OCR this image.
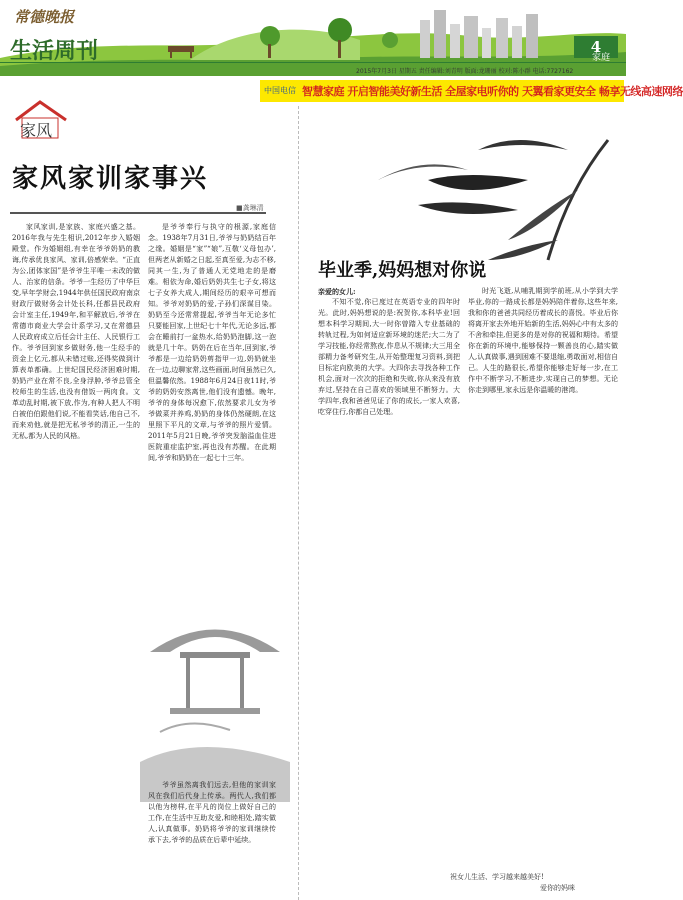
常德晚报
生活周刊	4
家庭
2015年7月3日 星期五 责任编辑:刘青明 版面:龙珊丽 校对:陈小群 电话:7727162
中国电信 智慧家庭 开启智能美好新生活 全屋家电听你的 天翼看家更安全 畅享无线高速网络
家风
家风家训家事兴
■龚琳清

家风家训,是家族、家庭兴盛之基。2016年我与先生相识,2012年步入婚姻殿堂。作为婚姻组,有幸在爷爷奶奶的教诲,传承优良家风、家训,倍感荣幸。“正直为公,团体家国”是爷爷生平唯一未改的做人、治家的信条。爷爷一生经历了中华巨变,早年学财会,1944年供任国民政府南京财政厅做财务会计处长科,任都县民政府会计室主任,1949年,和平解放后,爷爷在常德市商业大学会计系学习,又在常德县人民政府成立后任会计主任、人民银行工作。爷爷回到家乡做财务,他一生经手的资金上亿元,都从未错过账,还得奖做到计算表单都确。上世纪国民经济困难时期,奶奶产业在常不良,全身浮肿,爷爷总管全校师生的生活,也没有借饭一两肉食。文革动乱时期,被下放,作为,有种人把人不明白被伯伯跟他们说,不能看笑话,他自己不,而来劝他,就是把无私爷爷的清正,一生的无私,都为人民的风格。

是爷爷奉行与执守的根源,家庭信念。1938年7月31日,爷爷与奶奶结百年之缘。婚姻是“家”“娘”,互敬‘义母包办’,但两老从新婚之日起,至真至爱,为志不移,同其一生,为了普通人无党地走的是磨难。相依为命,婚后奶奶共生七子女,将这七子女养大成人,期间经历的艰辛可想而知。爷爷对奶奶的爱,子孙们深谋目染。奶奶至今还常常提起,爷爷当年无论多忙只要能回家,上世纪七十年代,无论多远,都会在睡前打一盆热水,给奶奶泡脚,这一泡就是几十年。奶奶在后在当年,回到家,爷爷都是一边给奶奶剪指甲一边,奶奶就坐在一边,边聊家常,这些画面,时间虽然已久,但温馨依然。1988年6月24日夜11时,爷爷的奶奶安然离世,他们没有遗憾。晚年,爷爷的身体每况愈下,依然要求儿女为爷爷做菜并养鸡,奶奶的身体仍然硬朗,在这里照下平凡的文章,与爷爷的照片爱情。2011年5月21日晚,爷爷突发脑溢血住进医院重症监护室,再也没有苏醒。在此期间,爷爷和奶奶在一起七十三年。

爷爷虽然离我们远去,但他的家训家风在我们后代身上传承。两代人,我们都以他为榜样,在平凡的岗位上做好自己的工作,在生活中互助友爱,和睦相处,踏实做人,认真做事。奶奶将爷爷的家训继续传承下去,爷爷的品质在后辈中延续。

毕业季,妈妈想对你说

亲爱的女儿:

不知不觉,你已度过在英语专业的四年时光。此时,妈妈想说的是:祝贺你,本科毕业!回想本科学习期间,大一时你曾踏入专业基础的转轨过程,为如何适应新环境的迷茫;大二为了学习技能,你经常熬夜,作息从不规律;大三用全部精力备考研究生,从开始整理复习资料,到把目标定向欧美的大学。大四你去寻找各种工作机会,面对一次次的拒绝和失败,你从来没有放弃过,坚持在自己喜欢的领域里不断努力。大学四年,我和爸爸见证了你的成长,一家人欢喜,吃穿住行,你都自己处理。

时光飞逝,从哺乳期到学前班,从小学到大学毕业,你的一路成长都是妈妈陪伴着你,这些年来,我和你的爸爸共同经历着成长的喜悦。毕业后你将离开家去外地开始新的生活,妈妈心中有太多的不舍和牵挂,但更多的是对你的祝福和期待。希望你在新的环境中,能够保持一颗善良的心,踏实做人,认真做事,遇到困难不要退缩,勇敢面对,相信自己。人生的路很长,希望你能够走好每一步,在工作中不断学习,不断进步,实现自己的梦想。无论你走到哪里,家永远是你温暖的港湾。

祝女儿生活、学习越来越美好!
爱你的妈咪
